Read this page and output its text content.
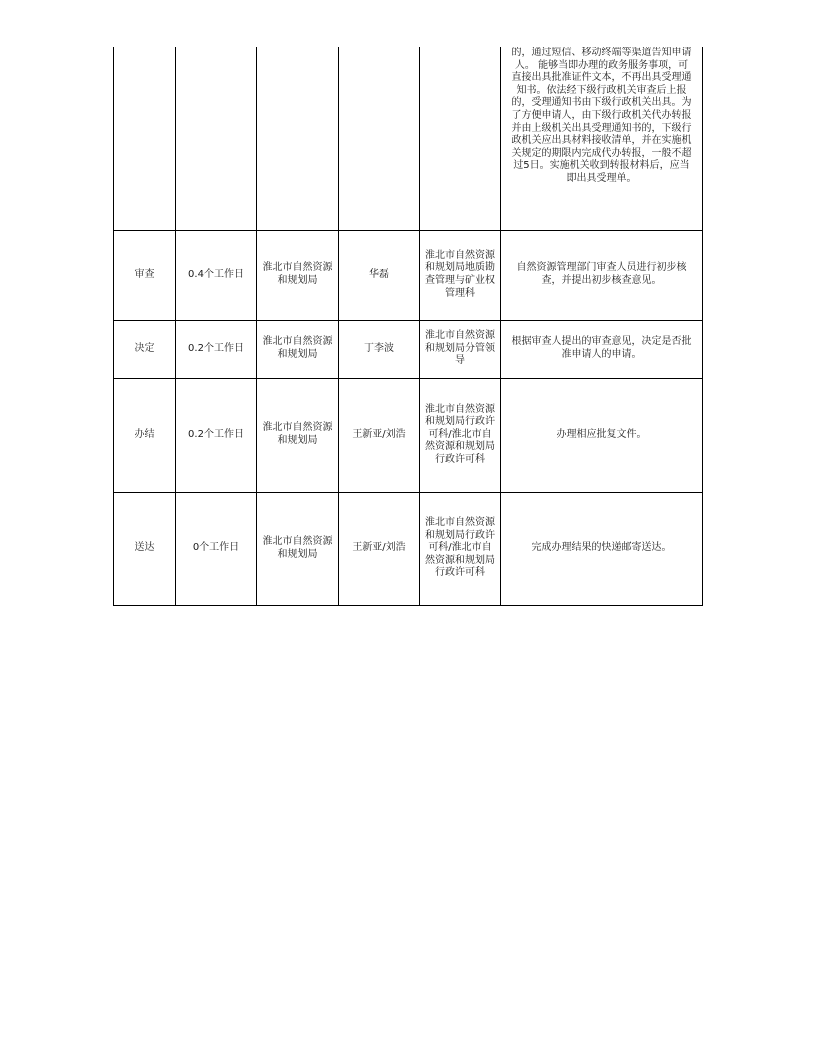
					的，通过短信、移动终端等渠道告知申请人。 能够当即办理的政务服务事项，可直接出具批准证件文本，不再出具受理通知书。依法经下级行政机关审查后上报的，受理通知书由下级行政机关出具。为了方便申请人，由下级行政机关代办转报并由上级机关出具受理通知书的，下级行政机关应出具材料接收清单，并在实施机关规定的期限内完成代办转报，一般不超过5日。实施机关收到转报材料后，应当即出具受理单。

审查	0.4个工作日	淮北市自然资源和规划局	华磊	淮北市自然资源和规划局地质勘查管理与矿业权管理科	自然资源管理部门审查人员进行初步核查，并提出初步核查意见。

决定	0.2个工作日	淮北市自然资源和规划局	丁李波	淮北市自然资源和规划局分管领导	根据审查人提出的审查意见，决定是否批准申请人的申请。

办结	0.2个工作日	淮北市自然资源和规划局	王新亚/刘浩	淮北市自然资源和规划局行政许可科/淮北市自然资源和规划局行政许可科	办理相应批复文件。

送达	0个工作日	淮北市自然资源和规划局	王新亚/刘浩	淮北市自然资源和规划局行政许可科/淮北市自然资源和规划局行政许可科	完成办理结果的快递邮寄送达。
